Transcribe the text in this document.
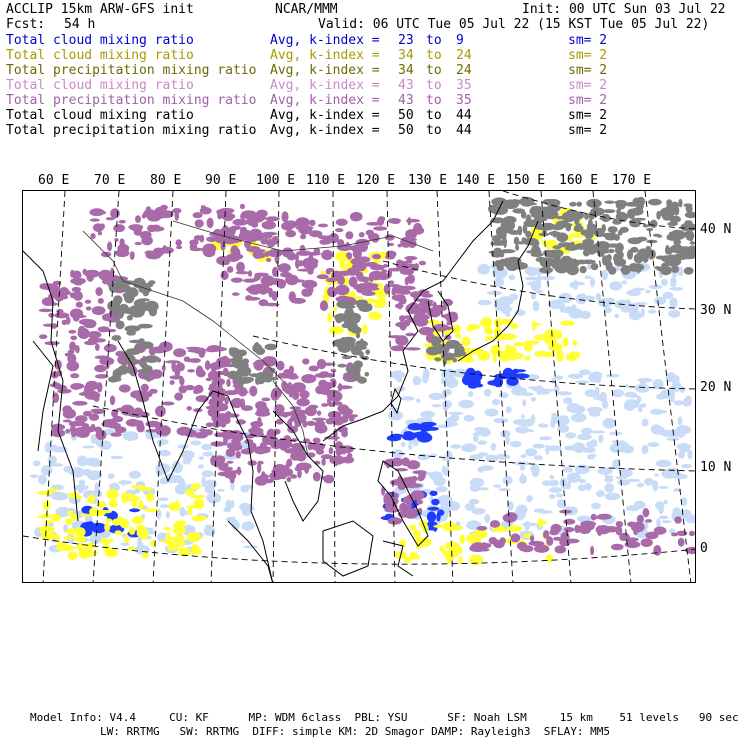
ACCLIP 15km ARW-GFS init	NCAR/MMM	Init: 00 UTC Sun 03 Jul 22
Fcst: 54 h	Valid: 06 UTC Tue 05 Jul 22 (15 KST Tue 05 Jul 22)
Total cloud mixing ratio	Avg, k-index = 23 to 9	sm= 2
Total cloud mixing ratio	Avg, k-index = 34 to 24	sm= 2
Total precipitation mixing ratio Avg, k-index = 34 to 24	sm= 2
Total cloud mixing ratio	Avg, k-index = 43 to 35	sm= 2
Total precipitation mixing ratio Avg, k-index = 43 to 35	sm= 2
Total cloud mixing ratio	Avg, k-index = 50 to 44	sm= 2
Total precipitation mixing ratio Avg, k-index = 50 to 44	sm= 2
60 E 70 E 80 E 90 E 100 E 110 E 120 E 130 E 140 E 150 E 160 E 170 E
40 N
30 N
20 N
10 N
0
Model Info: V4.4     CU: KF      MP: WDM 6class  PBL: YSU      SF: Noah LSM     15 km    51 levels   90 sec
LW: RRTMG   SW: RRTMG  DIFF: simple KM: 2D Smagor DAMP: Rayleigh3  SFLAY: MM5
